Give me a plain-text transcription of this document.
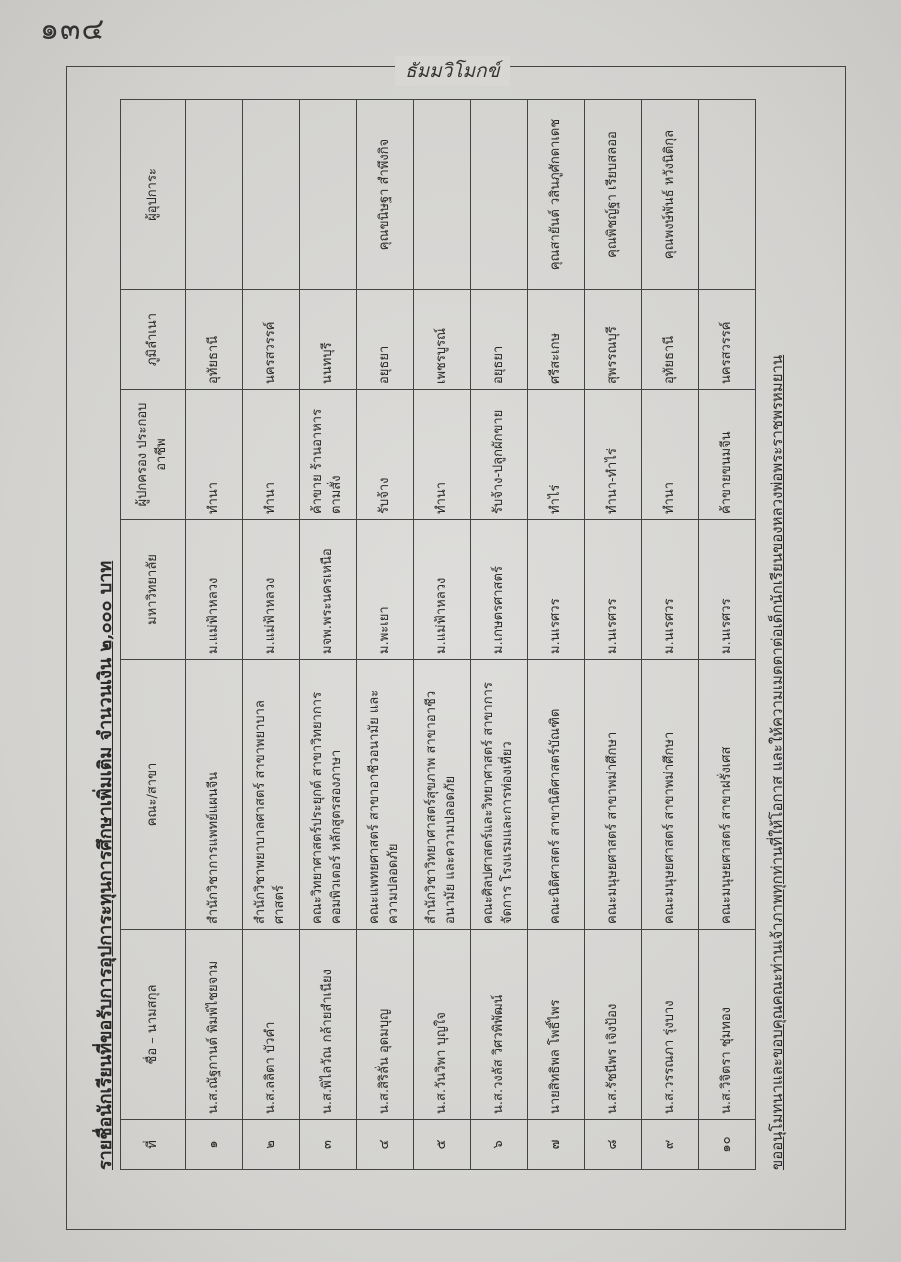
๑๓๔
ธัมมวิโมกข์
รายชื่อนักเรียนที่ขอรับการอุปการะทุนการศึกษาเพิ่มเติม จำนวนเงิน ๒,๐๐๐ บาท ที่	ชื่อ – นามสกุล	คณะ/สาขา	มหาวิทยาลัย	ผู้ปกครอง ประกอบอาชีพ	ภูมิลำเนา	ผู้อุปการะ
๑	น.ส.ณัฐกานต์ พิมพ์ไชยจาม	สำนักวิชาการแพทย์แผนจีน	ม.แม่ฟ้าหลวง	ทำนา	อุทัยธานี	
๒	น.ส.ลลิตา บัวคำ	สำนักวิชาพยาบาลศาสตร์ สาขาพยาบาลศาสตร์	ม.แม่ฟ้าหลวง	ทำนา	นครสวรรค์	
๓	น.ส.พิไลวัณ กล้ายสำเนียง	คณะวิทยาศาสตร์ประยุกต์ สาขาวิทยาการ คอมพิวเตอร์ หลักสูตรสองภาษา	มจพ.พระนครเหนือ	ค้าขาย ร้านอาหารตามสั่ง	นนทบุรี	
๔	น.ส.สิริลั่น อุดมบุญ	คณะแพทยศาสตร์ สาขาอาชีวอนามัย และความปลอดภัย	ม.พะเยา	รับจ้าง	อยุธยา	คุณขนิษฐา สำพึงกิจ
๕	น.ส.วันวิพา บุญใจ	สำนักวิชาวิทยาศาสตร์สุขภาพ สาขาอาชีวอนามัย และความปลอดภัย	ม.แม่ฟ้าหลวง	ทำนา	เพชรบูรณ์	
๖	น.ส.วงลัส วิศวพิพัฒน์	คณะศิลปศาสตร์และวิทยาศาสตร์ สาขาการจัดการ โรงแรมและการท่องเที่ยว	ม.เกษตรศาสตร์	รับจ้าง-ปลูกผักขาย	อยุธยา	
๗	นายสิทธิพล โพธิ์ไพร	คณะนิติศาสตร์ สาขานิติศาสตร์บัณฑิต	ม.นเรศวร	ทำไร่	ศรีสะเกษ	คุณสายันต์ วสินภูศักดาเดช
๘	น.ส.รัชนีพร เจิงป้อง	คณะมนุษยศาสตร์ สาขาพม่าศึกษา	ม.นเรศวร	ทำนา-ทำไร่	สุพรรณบุรี	คุณพิชญ์ฐา เรียบสลออ
๙	น.ส.วรรณภา รุ่งบาง	คณะมนุษยศาสตร์ สาขาพม่าศึกษา	ม.นเรศวร	ทำนา	อุทัยธานี	คุณพงษ์พันธ์ หวังนิติกุล
๑๐	น.ส.วิจิตรา ชุ่มทอง	คณะมนุษยศาสตร์ สาขาฝรั่งเศส	ม.นเรศวร	ค้าขายขนมจีน	นครสวรรค์	
ขออนุโมทนาและขอบคุณคณะท่านเจ้าภาพทุกท่านที่ให้โอกาส และให้ความเมตตาต่อเด็กนักเรียนของหลวงพ่อพระราชพรหมยาน
